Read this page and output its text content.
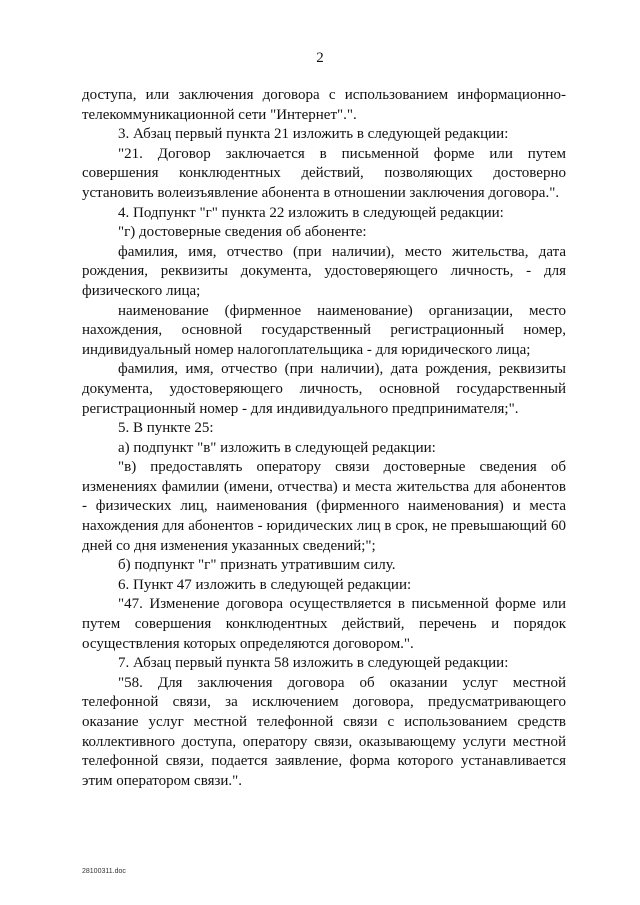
2

доступа, или заключения договора с использованием информационно-телекоммуникационной сети "Интернет".".

3. Абзац первый пункта 21 изложить в следующей редакции:

"21. Договор заключается в письменной форме или путем совершения конклюдентных действий, позволяющих достоверно установить волеизъявление абонента в отношении заключения договора.".

4. Подпункт "г" пункта 22 изложить в следующей редакции:

"г) достоверные сведения об абоненте:

фамилия, имя, отчество (при наличии), место жительства, дата рождения, реквизиты документа, удостоверяющего личность, - для физического лица;

наименование (фирменное наименование) организации, место нахождения, основной государственный регистрационный номер, индивидуальный номер налогоплательщика - для юридического лица;

фамилия, имя, отчество (при наличии), дата рождения, реквизиты документа, удостоверяющего личность, основной государственный регистрационный номер - для индивидуального предпринимателя;".

5. В пункте 25:

а) подпункт "в" изложить в следующей редакции:

"в) предоставлять оператору связи достоверные сведения об изменениях фамилии (имени, отчества) и места жительства для абонентов - физических лиц, наименования (фирменного наименования) и места нахождения для абонентов - юридических лиц в срок, не превышающий 60 дней со дня изменения указанных сведений;";

б) подпункт "г" признать утратившим силу.

6. Пункт 47 изложить в следующей редакции:

"47. Изменение договора осуществляется в письменной форме или путем совершения конклюдентных действий, перечень и порядок осуществления которых определяются договором.".

7. Абзац первый пункта 58 изложить в следующей редакции:

"58. Для заключения договора об оказании услуг местной телефонной связи, за исключением договора, предусматривающего оказание услуг местной телефонной связи с использованием средств коллективного доступа, оператору связи, оказывающему услуги местной телефонной связи, подается заявление, форма которого устанавливается этим оператором связи.".

28100311.doc
